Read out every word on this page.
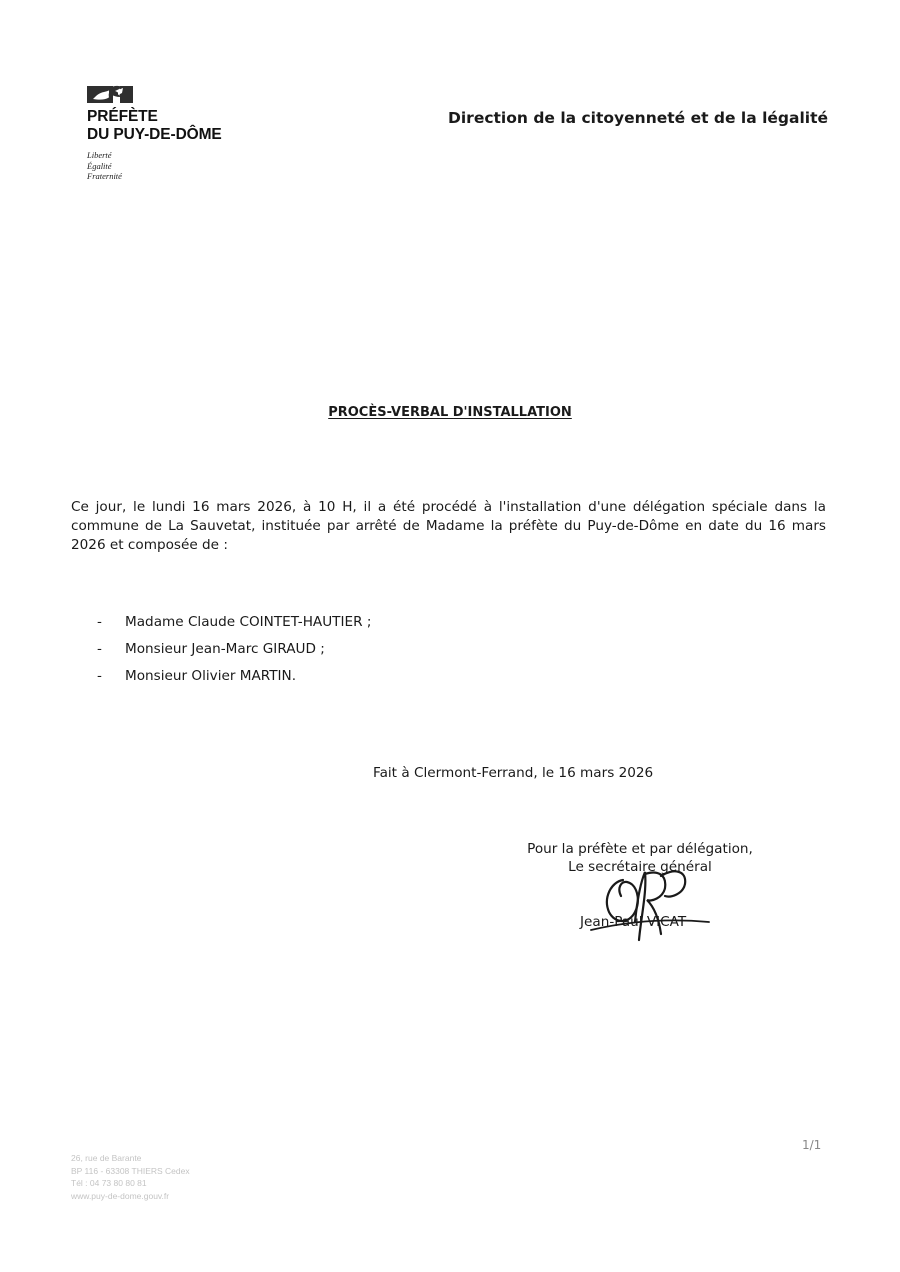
PRÉFÈTE
DU PUY-DE-DÔME
Liberté
Égalité
Fraternité
Direction de la citoyenneté et de la légalité
PROCÈS-VERBAL D'INSTALLATION
Ce jour, le lundi 16 mars 2026, à 10 H, il a été procédé à l'installation d'une délégation spéciale dans la commune de La Sauvetat, instituée par arrêté de Madame la préfète du Puy-de-Dôme en date du 16 mars 2026 et composée de :
-	Madame Claude COINTET-HAUTIER ;
-	Monsieur Jean-Marc GIRAUD ;
-	Monsieur Olivier MARTIN.
Fait à Clermont-Ferrand, le 16 mars 2026
Pour la préfète et par délégation,
Le secrétaire général
Jean-Paul VICAT
26, rue de Barante
BP 116 - 63308 THIERS Cedex
Tél : 04 73 80 80 81
www.puy-de-dome.gouv.fr
1/1
